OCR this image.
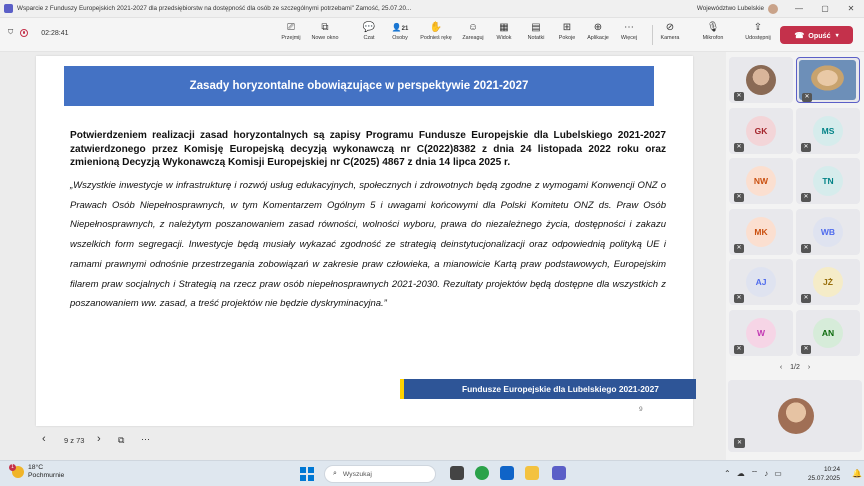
Wsparcie z Funduszy Europejskich 2021-2027 dla przedsiębiorstw na dostępność dla osób ze szczególnymi potrzebami" Zamość, 25.07.20...	Województwo Lubelskie	—	▢	✕
⛉	02:28:41	⎚
Przejmij
⧉
Nowe okno
💬
Czat
👤21
Osoby
✋
Podnieś rękę
☺
Zareaguj
▦
Widok
▤
Notatki
⊞
Pokoje
⊕
Aplikacje
⋯
Więcej
⊘
Kamera
🎙
Mikrofon
⇪
Udostępnij	☎ Opuść ▾
Zasady horyzontalne obowiązujące w perspektywie 2021-2027
Potwierdzeniem realizacji zasad horyzontalnych są zapisy Programu Fundusze Europejskie dla Lubelskiego 2021-2027 zatwierdzonego przez Komisję Europejską decyzją wykonawczą nr C(2022)8382 z dnia 24 listopada 2022 roku oraz zmienioną Decyzją Wykonawczą Komisji Europejskiej nr C(2025) 4867 z dnia 14 lipca 2025 r.
„Wszystkie inwestycje w infrastrukturę i rozwój usług edukacyjnych, społecznych i zdrowotnych będą zgodne z wymogami Konwencji ONZ o Prawach Osób Niepełnosprawnych, w tym Komentarzem Ogólnym 5 i uwagami końcowymi dla Polski Komitetu ONZ ds. Praw Osób Niepełnosprawnych, z należytym poszanowaniem zasad równości, wolności wyboru, prawa do niezależnego życia, dostępności i zakazu wszelkich form segregacji. Inwestycje będą musiały wykazać zgodność ze strategią deinstytucjonalizacji oraz odpowiednią polityką UE i ramami prawnymi odnośnie przestrzegania zobowiązań w zakresie praw człowieka, a mianowicie Kartą praw podstawowych, Europejskim filarem praw socjalnych i Strategią na rzecz praw osób niepełnosprawnych 2021-2030. Rezultaty projektów będą dostępne dla wszystkich z poszanowaniem ww. zasad, a treść projektów nie będzie dyskryminacyjna.”
Fundusze Europejskie dla Lubelskiego 2021-2027
9
‹ 9 z 73 › ⧉ ⋯
✕	✕
GK
✕
MS
✕
NW
✕
TN
✕
MK
✕
WB
✕
AJ
✕
JŻ
✕
W
✕
AN
✕
‹ 1/2 ›
✕
1	18°C
Pochmurnie	⌕ Wyszukaj	⌃ ☁ ⌔ ♪ ▭	10:24
25.07.2025
🔔
